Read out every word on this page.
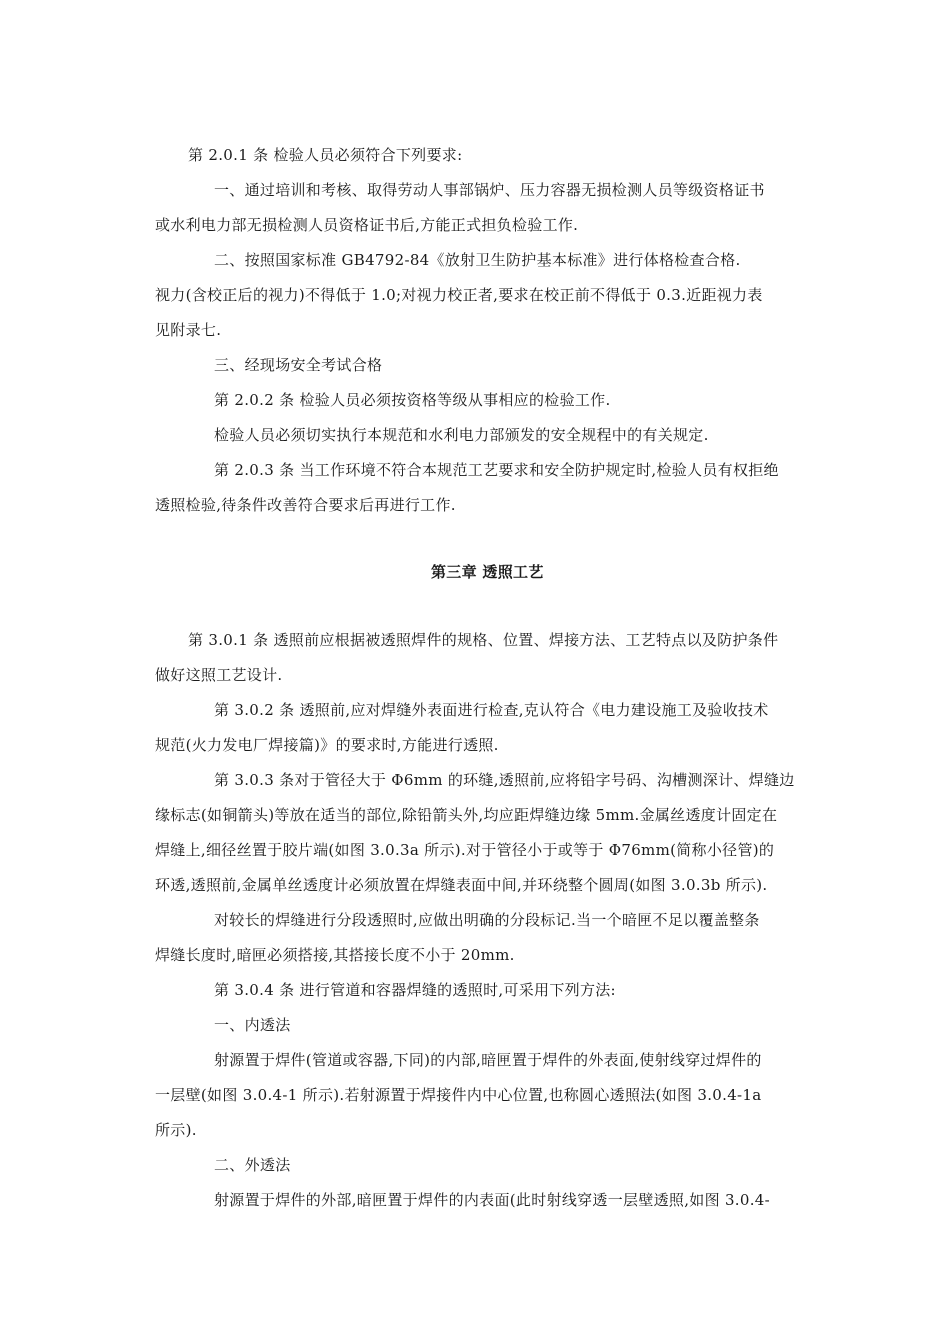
第 2.0.1 条 检验人员必须符合下列要求:
一、通过培训和考核、取得劳动人事部锅炉、压力容器无损检测人员等级资格证书
或水利电力部无损检测人员资格证书后,方能正式担负检验工作.
二、按照国家标准 GB4792-84《放射卫生防护基本标准》进行体格检查合格.
视力(含校正后的视力)不得低于 1.0;对视力校正者,要求在校正前不得低于 0.3.近距视力表
见附录七.
三、经现场安全考试合格
第 2.0.2 条 检验人员必须按资格等级从事相应的检验工作.
检验人员必须切实执行本规范和水利电力部颁发的安全规程中的有关规定.
第 2.0.3 条 当工作环境不符合本规范工艺要求和安全防护规定时,检验人员有权拒绝
透照检验,待条件改善符合要求后再进行工作.
第三章 透照工艺
第 3.0.1 条 透照前应根据被透照焊件的规格、位置、焊接方法、工艺特点以及防护条件
做好这照工艺设计.
第 3.0.2 条 透照前,应对焊缝外表面进行检查,克认符合《电力建设施工及验收技术
规范(火力发电厂焊接篇)》的要求时,方能进行透照.
第 3.0.3 条对于管径大于 Φ6mm 的环缝,透照前,应将铅字号码、沟槽测深计、焊缝边
缘标志(如铜箭头)等放在适当的部位,除铅箭头外,均应距焊缝边缘 5mm.金属丝透度计固定在
焊缝上,细径丝置于胶片端(如图 3.0.3a 所示).对于管径小于或等于 Φ76mm(简称小径管)的
环透,透照前,金属单丝透度计必须放置在焊缝表面中间,并环绕整个圆周(如图 3.0.3b 所示).
对较长的焊缝进行分段透照时,应做出明确的分段标记.当一个暗匣不足以覆盖整条
焊缝长度时,暗匣必须搭接,其搭接长度不小于 20mm.
第 3.0.4 条 进行管道和容器焊缝的透照时,可采用下列方法:
一、内透法
射源置于焊件(管道或容器,下同)的内部,暗匣置于焊件的外表面,使射线穿过焊件的
一层壁(如图 3.0.4-1 所示).若射源置于焊接件内中心位置,也称圆心透照法(如图 3.0.4-1a
所示).
二、外透法
射源置于焊件的外部,暗匣置于焊件的内表面(此时射线穿透一层壁透照,如图 3.0.4-
